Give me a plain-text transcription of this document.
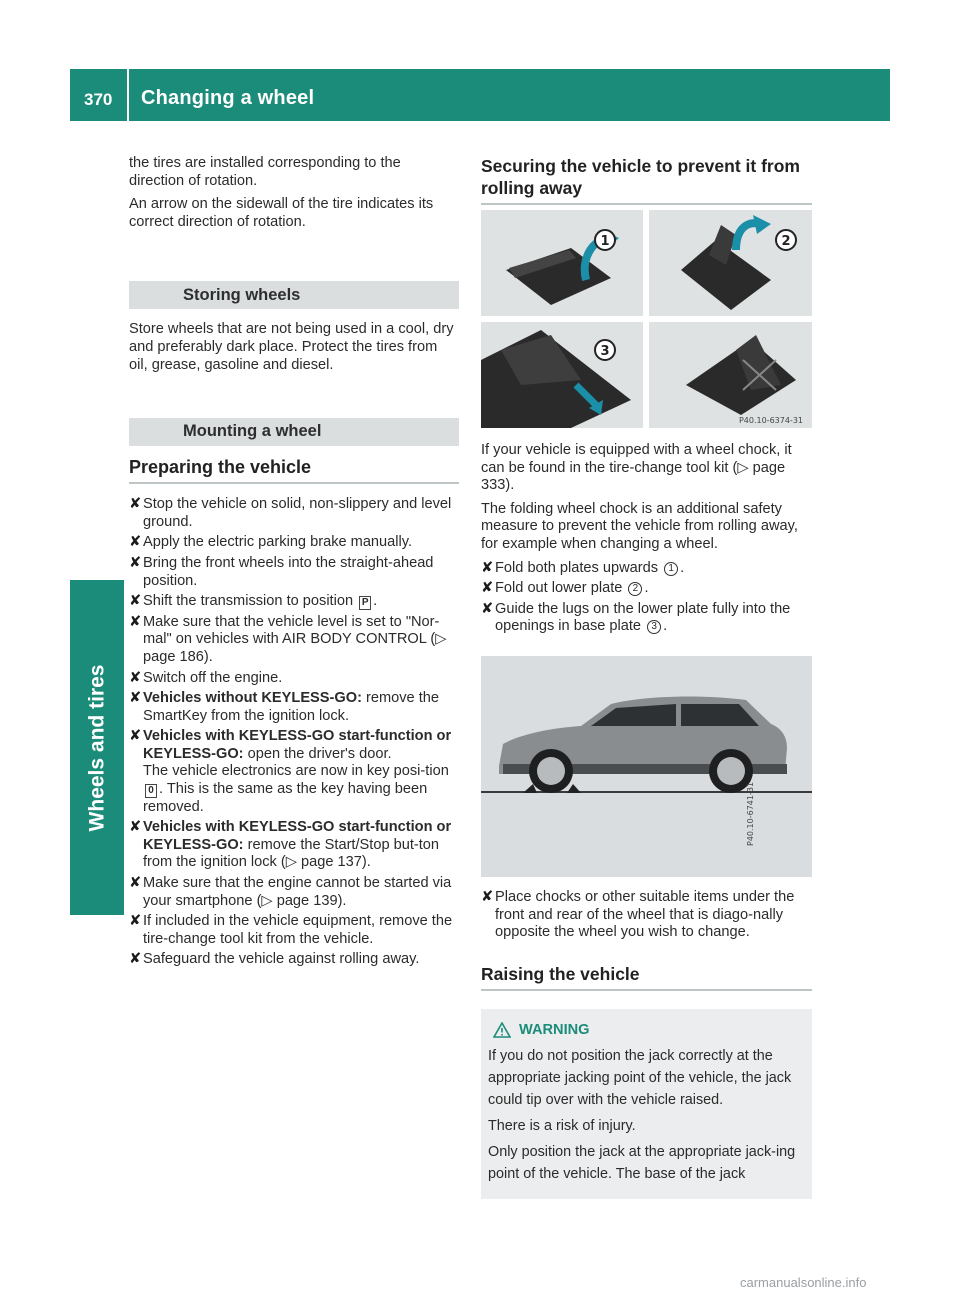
370 Changing a wheel
Wheels and tires

the tires are installed corresponding to the direction of rotation.

An arrow on the sidewall of the tire indicates its correct direction of rotation.

Storing wheels

Store wheels that are not being used in a cool, dry and preferably dark place. Protect the tires from oil, grease, gasoline and diesel.

Mounting a wheel
Preparing the vehicle
✘ Stop the vehicle on solid, non-slippery and level ground.
✘ Apply the electric parking brake manually.
✘ Bring the front wheels into the straight-ahead position.
✘ Shift the transmission to position P .
✘ Make sure that the vehicle level is set to "Nor-mal" on vehicles with AIR BODY CONTROL (▷ page 186).
✘ Switch off the engine.
✘ Vehicles without KEYLESS-GO: remove the SmartKey from the ignition lock.
✘ Vehicles with KEYLESS-GO start-function or KEYLESS-GO: open the driver's door.
The vehicle electronics are now in key posi-tion 0 . This is the same as the key having been removed.
✘ Vehicles with KEYLESS-GO start-function or KEYLESS-GO: remove the Start/Stop but-ton from the ignition lock (▷ page 137).
✘ Make sure that the engine cannot be started via your smartphone (▷ page 139).
✘ If included in the vehicle equipment, remove the tire-change tool kit from the vehicle.
✘ Safeguard the vehicle against rolling away.
Securing the vehicle to prevent it from rolling away
1	2
3
P40.10-6374-31

If your vehicle is equipped with a wheel chock, it can be found in the tire-change tool kit (▷ page 333).

The folding wheel chock is an additional safety measure to prevent the vehicle from rolling away, for example when changing a wheel.

✘ Fold both plates upwards 1 .
✘ Fold out lower plate 2 .
✘ Guide the lugs on the lower plate fully into the openings in base plate 3 .
P40.10-6741-31
✘ Place chocks or other suitable items under the front and rear of the wheel that is diago-nally opposite the wheel you wish to change.
Raising the vehicle
WARNING

If you do not position the jack correctly at the appropriate jacking point of the vehicle, the jack could tip over with the vehicle raised.

There is a risk of injury.

Only position the jack at the appropriate jack-ing point of the vehicle. The base of the jack

carmanualsonline.info
